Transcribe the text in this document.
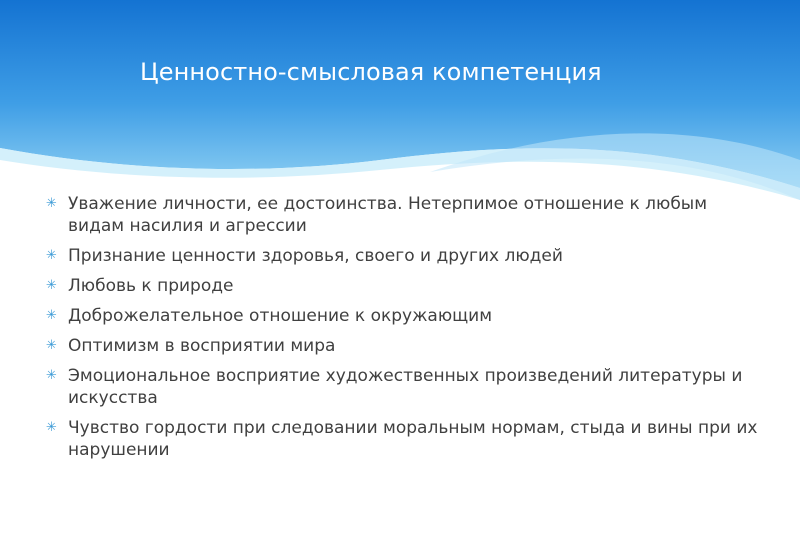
Ценностно-смысловая компетенция
✳ Уважение личности, ее достоинства. Нетерпимое отношение к любым видам насилия и агрессии
✳ Признание ценности здоровья, своего и других людей
✳ Любовь к природе
✳ Доброжелательное отношение к окружающим
✳ Оптимизм в восприятии мира
✳ Эмоциональное восприятие художественных произведений литературы и искусства
✳ Чувство гордости при следовании моральным нормам, стыда и вины при их нарушении
